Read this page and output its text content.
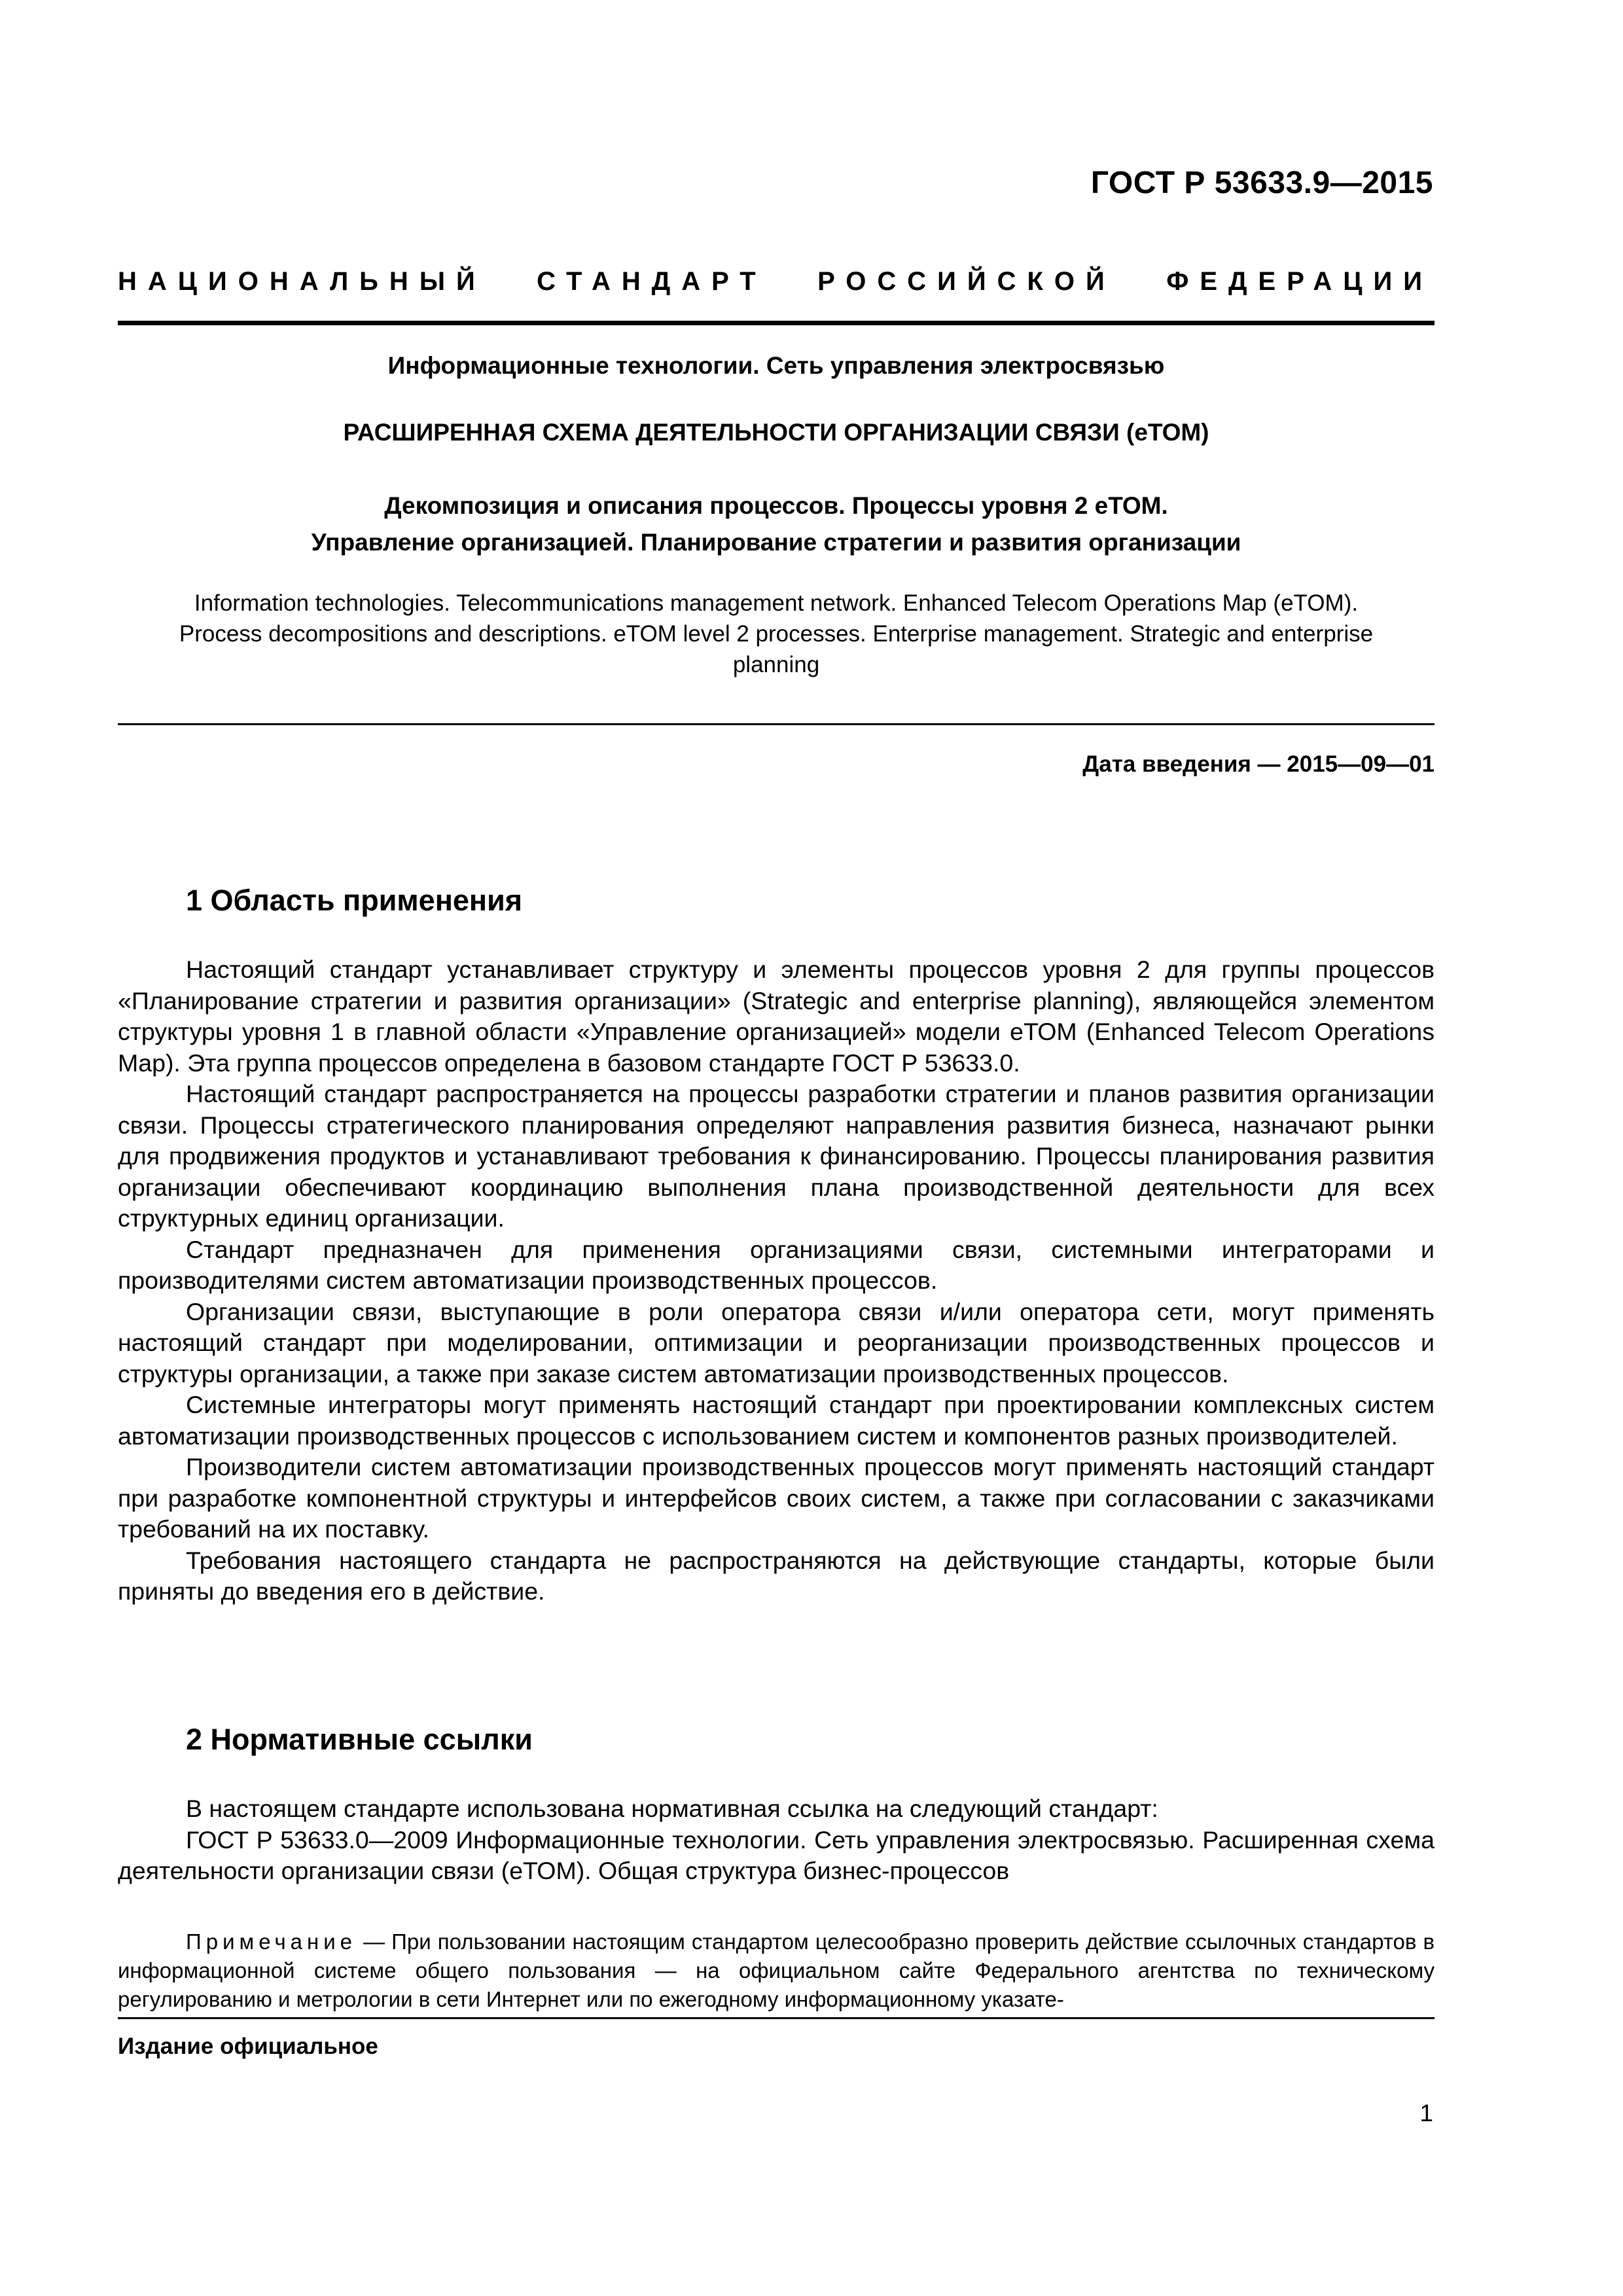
ГОСТ Р 53633.9—2015
НАЦИОНАЛЬНЫЙ СТАНДАРТ РОССИЙСКОЙ ФЕДЕРАЦИИ
Информационные технологии. Сеть управления электросвязью
РАСШИРЕННАЯ СХЕМА ДЕЯТЕЛЬНОСТИ ОРГАНИЗАЦИИ СВЯЗИ (еТОМ)
Декомпозиция и описания процессов. Процессы уровня 2 еТОМ.
Управление организацией. Планирование стратегии и развития организации
Information technologies. Telecommunications management network. Enhanced Telecom Operations Map (eTOM).
Process decompositions and descriptions. eTOM level 2 processes. Enterprise management. Strategic and enterprise
planning
Дата введения — 2015—09—01
1 Область применения

Настоящий стандарт устанавливает структуру и элементы процессов уровня 2 для группы процессов «Планирование стратегии и развития организации» (Strategic and enterprise planning), являющейся элементом структуры уровня 1 в главной области «Управление организацией» модели еТОМ (Enhanced Telecom Operations Map). Эта группа процессов определена в базовом стандарте ГОСТ Р 53633.0.

Настоящий стандарт распространяется на процессы разработки стратегии и планов развития организации связи. Процессы стратегического планирования определяют направления развития бизнеса, назначают рынки для продвижения продуктов и устанавливают требования к финансированию. Процессы планирования развития организации обеспечивают координацию выполнения плана производственной деятельности для всех структурных единиц организации.

Стандарт предназначен для применения организациями связи, системными интеграторами и производителями систем автоматизации производственных процессов.

Организации связи, выступающие в роли оператора связи и/или оператора сети, могут применять настоящий стандарт при моделировании, оптимизации и реорганизации производственных процессов и структуры организации, а также при заказе систем автоматизации производственных процессов.

Системные интеграторы могут применять настоящий стандарт при проектировании комплексных систем автоматизации производственных процессов с использованием систем и компонентов разных производителей.

Производители систем автоматизации производственных процессов могут применять настоящий стандарт при разработке компонентной структуры и интерфейсов своих систем, а также при согласовании с заказчиками требований на их поставку.

Требования настоящего стандарта не распространяются на действующие стандарты, которые были приняты до введения его в действие.

2 Нормативные ссылки

В настоящем стандарте использована нормативная ссылка на следующий стандарт:

ГОСТ Р 53633.0—2009 Информационные технологии. Сеть управления электросвязью. Расширенная схема деятельности организации связи (еТОМ). Общая структура бизнес-процессов

Примечание — При пользовании настоящим стандартом целесообразно проверить действие ссылочных стандартов в информационной системе общего пользования — на официальном сайте Федерального агентства по техническому регулированию и метрологии в сети Интернет или по ежегодному информационному указате-

Издание официальное
1
